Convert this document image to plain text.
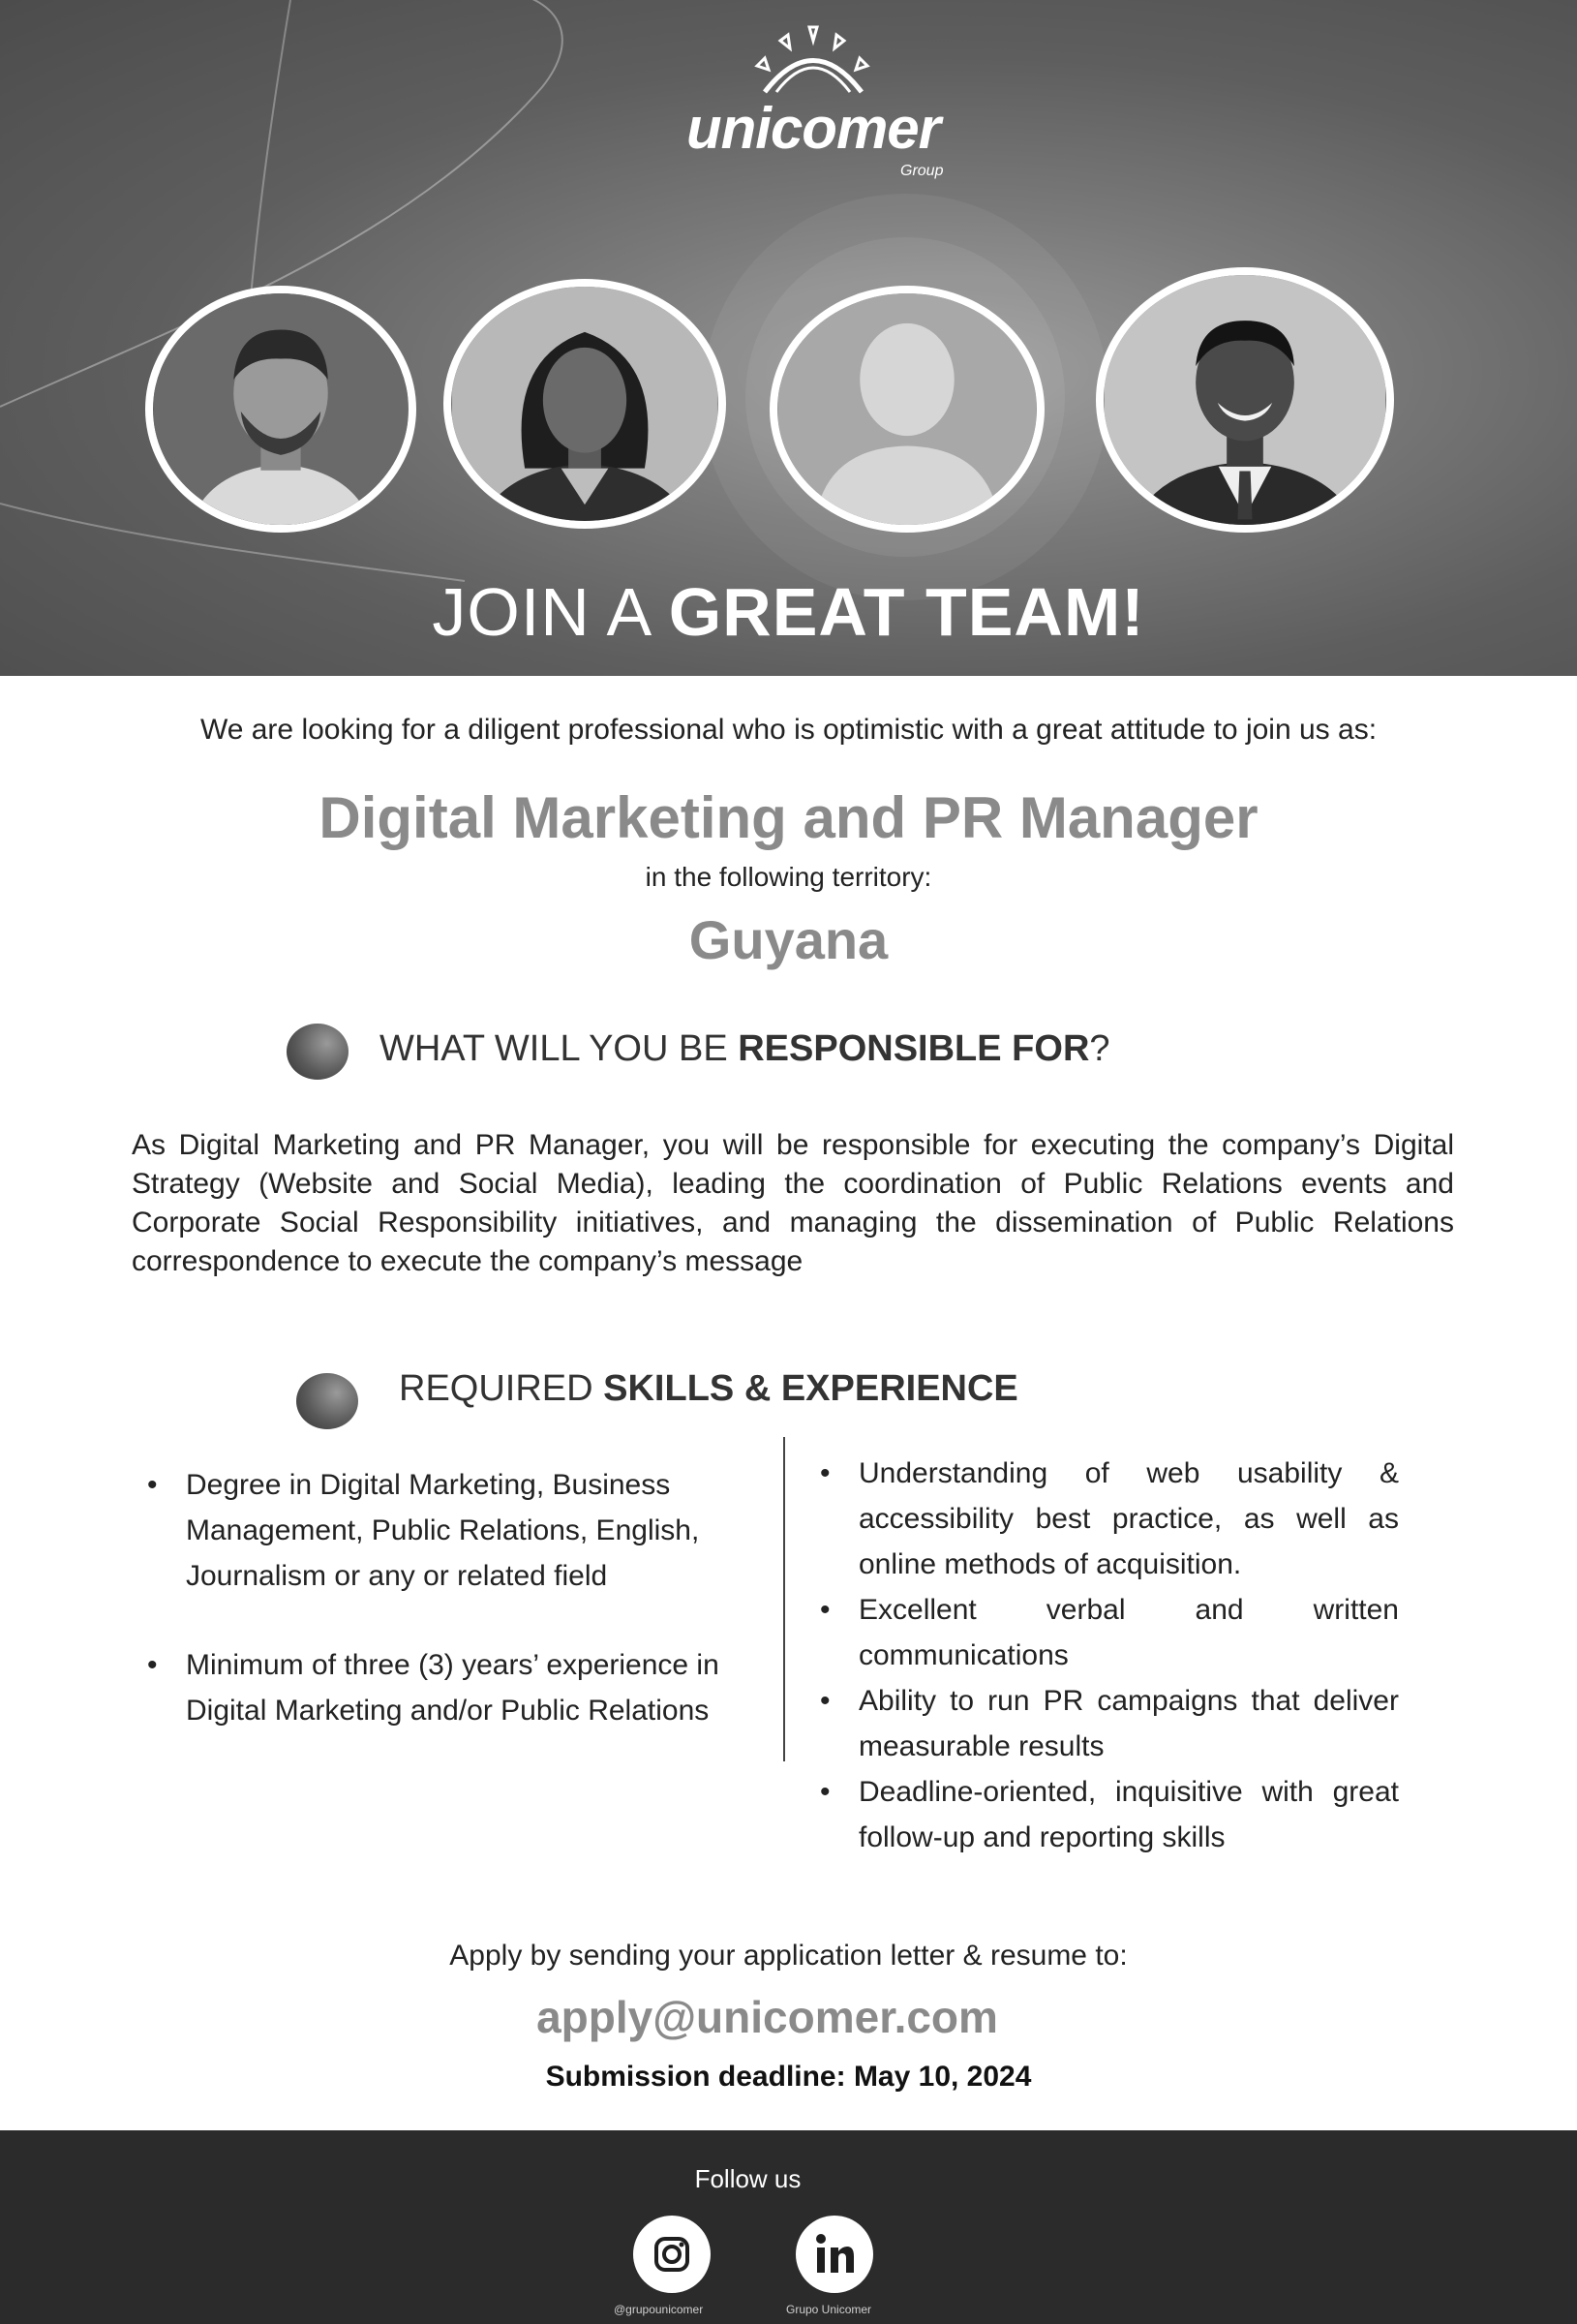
unicomer
Group
JOIN A GREAT TEAM!
We are looking for a diligent professional who is optimistic with a great attitude to join us as:
Digital Marketing and PR Manager
in the following territory:
Guyana
WHAT WILL YOU BE RESPONSIBLE FOR?
As Digital Marketing and PR Manager, you will be responsible for executing the company’s Digital Strategy (Website and Social Media), leading the coordination of Public Relations events and Corporate Social Responsibility initiatives, and managing the dissemination of Public Relations correspondence to execute the company’s message
REQUIRED SKILLS & EXPERIENCE
• Degree in Digital Marketing, Business Management, Public Relations, English, Journalism or any or related field
• Minimum of three (3) years’ experience in Digital Marketing and/or Public Relations
• Understanding of web usability & accessibility best practice, as well as online methods of acquisition.
• Excellent verbal and written communications
• Ability to run PR campaigns that deliver measurable results
• Deadline-oriented, inquisitive with great follow-up and reporting skills
Apply by sending your application letter & resume to:
apply@unicomer.com
Submission deadline: May 10, 2024
Follow us
@grupounicomer	Grupo Unicomer
